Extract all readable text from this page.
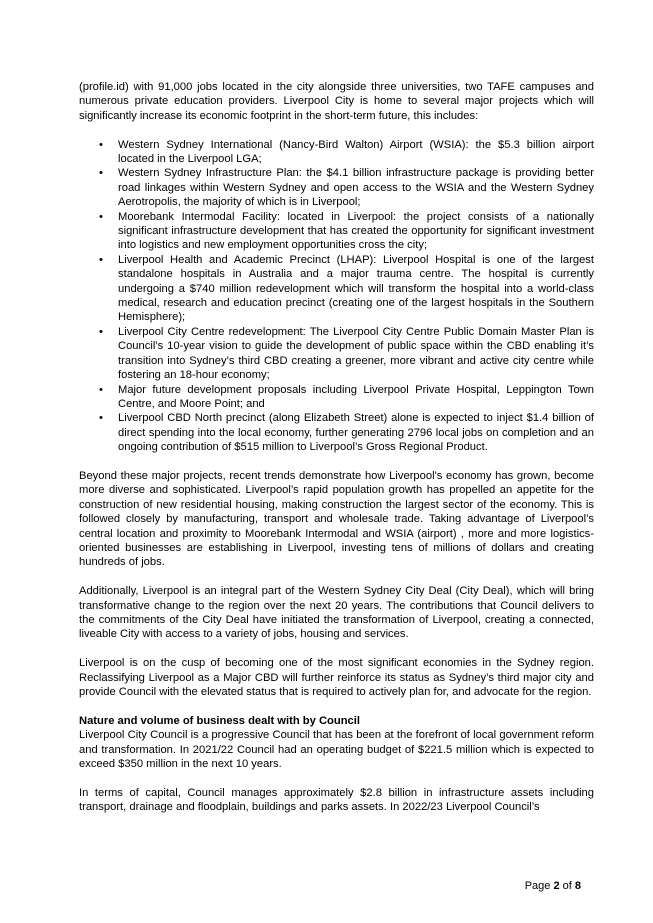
(profile.id) with 91,000 jobs located in the city alongside three universities, two TAFE campuses and numerous private education providers. Liverpool City is home to several major projects which will significantly increase its economic footprint in the short-term future, this includes:

• Western Sydney International (Nancy-Bird Walton) Airport (WSIA): the $5.3 billion airport located in the Liverpool LGA;
• Western Sydney Infrastructure Plan: the $4.1 billion infrastructure package is providing better road linkages within Western Sydney and open access to the WSIA and the Western Sydney Aerotropolis, the majority of which is in Liverpool;
• Moorebank Intermodal Facility: located in Liverpool: the project consists of a nationally significant infrastructure development that has created the opportunity for significant investment into logistics and new employment opportunities cross the city;
• Liverpool Health and Academic Precinct (LHAP): Liverpool Hospital is one of the largest standalone hospitals in Australia and a major trauma centre. The hospital is currently undergoing a $740 million redevelopment which will transform the hospital into a world-class medical, research and education precinct (creating one of the largest hospitals in the Southern Hemisphere);
• Liverpool City Centre redevelopment: The Liverpool City Centre Public Domain Master Plan is Council’s 10-year vision to guide the development of public space within the CBD enabling it’s transition into Sydney’s third CBD creating a greener, more vibrant and active city centre while fostering an 18-hour economy;
• Major future development proposals including Liverpool Private Hospital, Leppington Town Centre, and Moore Point; and
• Liverpool CBD North precinct (along Elizabeth Street) alone is expected to inject $1.4 billion of direct spending into the local economy, further generating 2796 local jobs on completion and an ongoing contribution of $515 million to Liverpool’s Gross Regional Product.

Beyond these major projects, recent trends demonstrate how Liverpool's economy has grown, become more diverse and sophisticated. Liverpool’s rapid population growth has propelled an appetite for the construction of new residential housing, making construction the largest sector of the economy. This is followed closely by manufacturing, transport and wholesale trade. Taking advantage of Liverpool’s central location and proximity to Moorebank Intermodal and WSIA (airport) , more and more logistics-oriented businesses are establishing in Liverpool, investing tens of millions of dollars and creating hundreds of jobs.

Additionally, Liverpool is an integral part of the Western Sydney City Deal (City Deal), which will bring transformative change to the region over the next 20 years. The contributions that Council delivers to the commitments of the City Deal have initiated the transformation of Liverpool, creating a connected, liveable City with access to a variety of jobs, housing and services.

Liverpool is on the cusp of becoming one of the most significant economies in the Sydney region. Reclassifying Liverpool as a Major CBD will further reinforce its status as Sydney’s third major city and provide Council with the elevated status that is required to actively plan for, and advocate for the region.

Nature and volume of business dealt with by Council

Liverpool City Council is a progressive Council that has been at the forefront of local government reform and transformation. In 2021/22 Council had an operating budget of $221.5 million which is expected to exceed $350 million in the next 10 years.

In terms of capital, Council manages approximately $2.8 billion in infrastructure assets including transport, drainage and floodplain, buildings and parks assets. In 2022/23 Liverpool Council’s

Page 2 of 8
